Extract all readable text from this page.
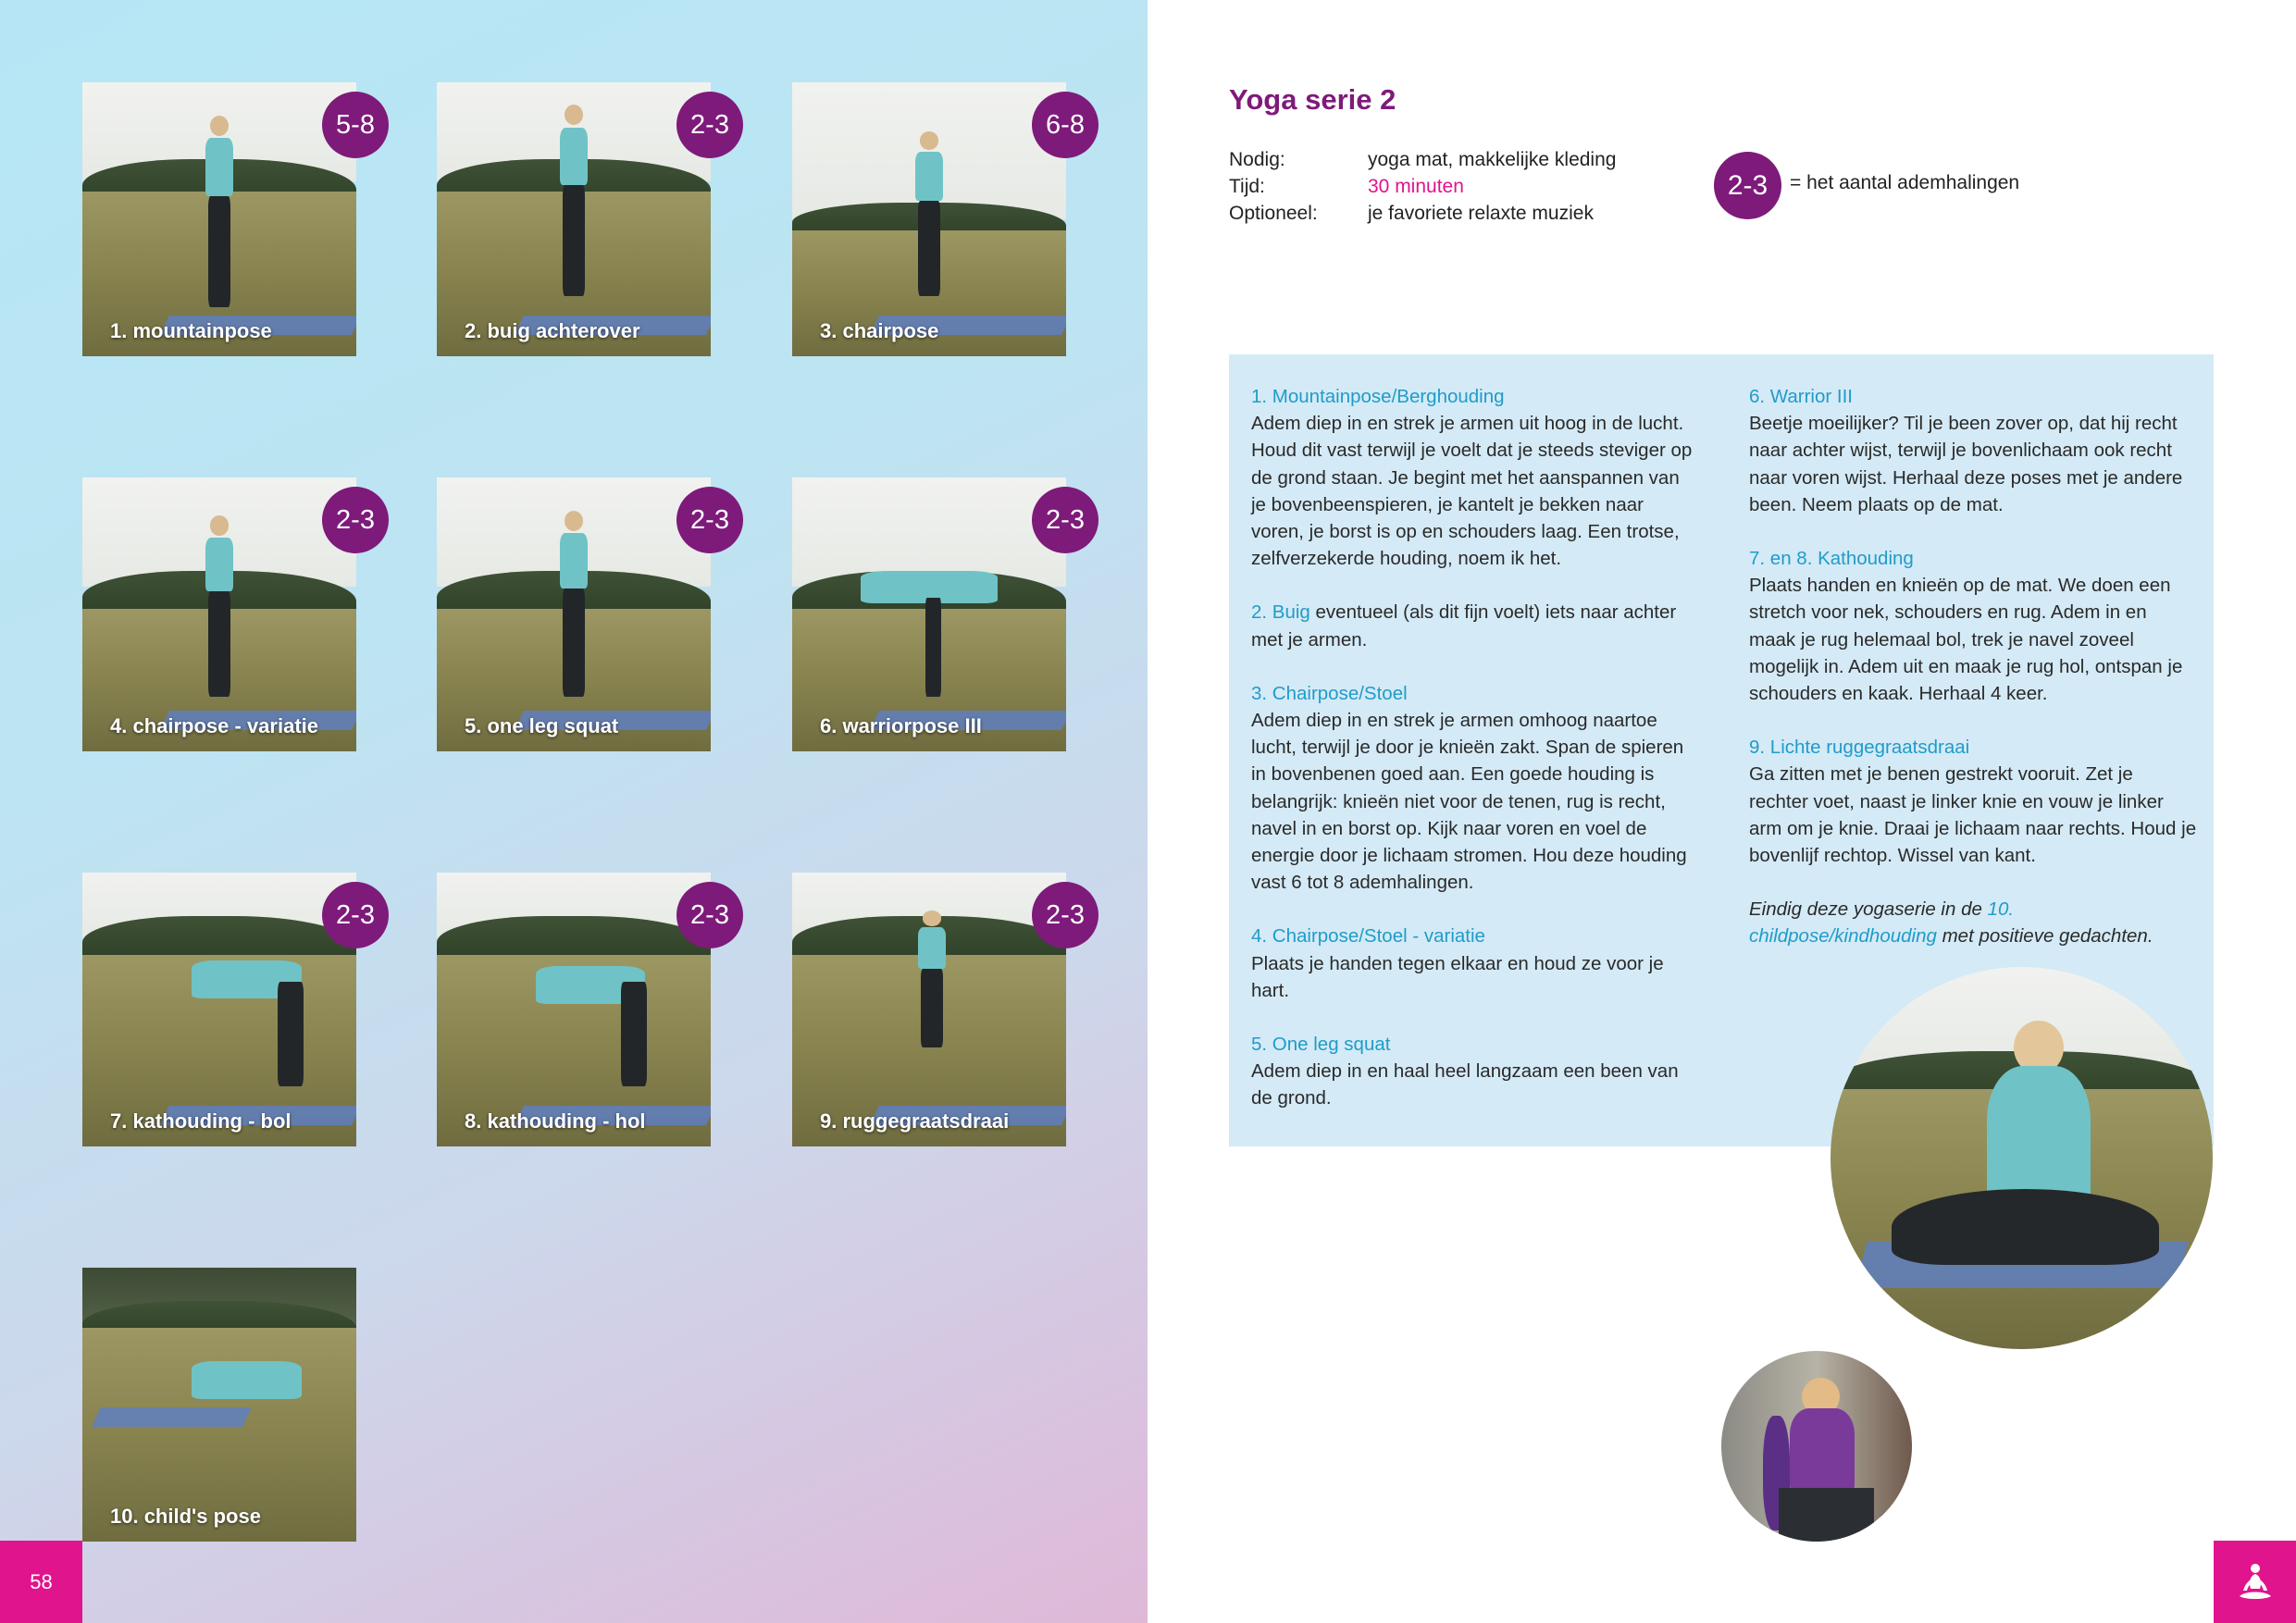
1. mountainpose
5-8
2. buig achterover
2-3
3. chairpose
6-8
4. chairpose - variatie
2-3
5. one leg squat
2-3
6. warriorpose III
2-3
7. kathouding - bol
2-3
8. kathouding - hol
2-3
9. ruggegraatsdraai
2-3
10. child's pose
58
Yoga serie 2
Nodig:	yoga mat, makkelijke kleding
Tijd:	30 minuten
Optioneel:	je favoriete relaxte muziek
2-3	= het aantal ademhalingen

1. Mountainpose/Berghouding
Adem diep in en strek je armen uit hoog in de lucht. Houd dit vast terwijl je voelt dat je steeds steviger op de grond staan. Je begint met het aanspannen van je bovenbeenspieren, je kantelt je bekken naar voren, je borst is op en schouders laag. Een trotse, zelfverzekerde houding, noem ik het.

2. Buig eventueel (als dit fijn voelt) iets naar achter met je armen.

3. Chairpose/Stoel
Adem diep in en strek je armen omhoog naartoe lucht, terwijl je door je knieën zakt. Span de spieren in bovenbenen goed aan. Een goede houding is belangrijk: knieën niet voor de tenen, rug is recht, navel in en borst op. Kijk naar voren en voel de energie door je lichaam stromen. Hou deze houding vast 6 tot 8 ademhalingen.

4. Chairpose/Stoel - variatie
Plaats je handen tegen elkaar en houd ze voor je hart.

5. One leg squat
Adem diep in en haal heel langzaam een been van de grond.

6. Warrior III
Beetje moeilijker? Til je been zover op, dat hij recht naar achter wijst, terwijl je bovenlichaam ook recht naar voren wijst. Herhaal deze poses met je andere been. Neem plaats op de mat.

7. en 8. Kathouding
Plaats handen en knieën op de mat. We doen een stretch voor nek, schouders en rug. Adem in en maak je rug helemaal bol, trek je navel zoveel mogelijk in. Adem uit en maak je rug hol, ontspan je schouders en kaak. Herhaal 4 keer.

9. Lichte ruggegraatsdraai
Ga zitten met je benen gestrekt vooruit. Zet je rechter voet, naast je linker knie en vouw je linker arm om je knie. Draai je lichaam naar rechts. Houd je bovenlijf rechtop. Wissel van kant.

Eindig deze yogaserie in de 10. childpose/kindhouding met positieve gedachten.
